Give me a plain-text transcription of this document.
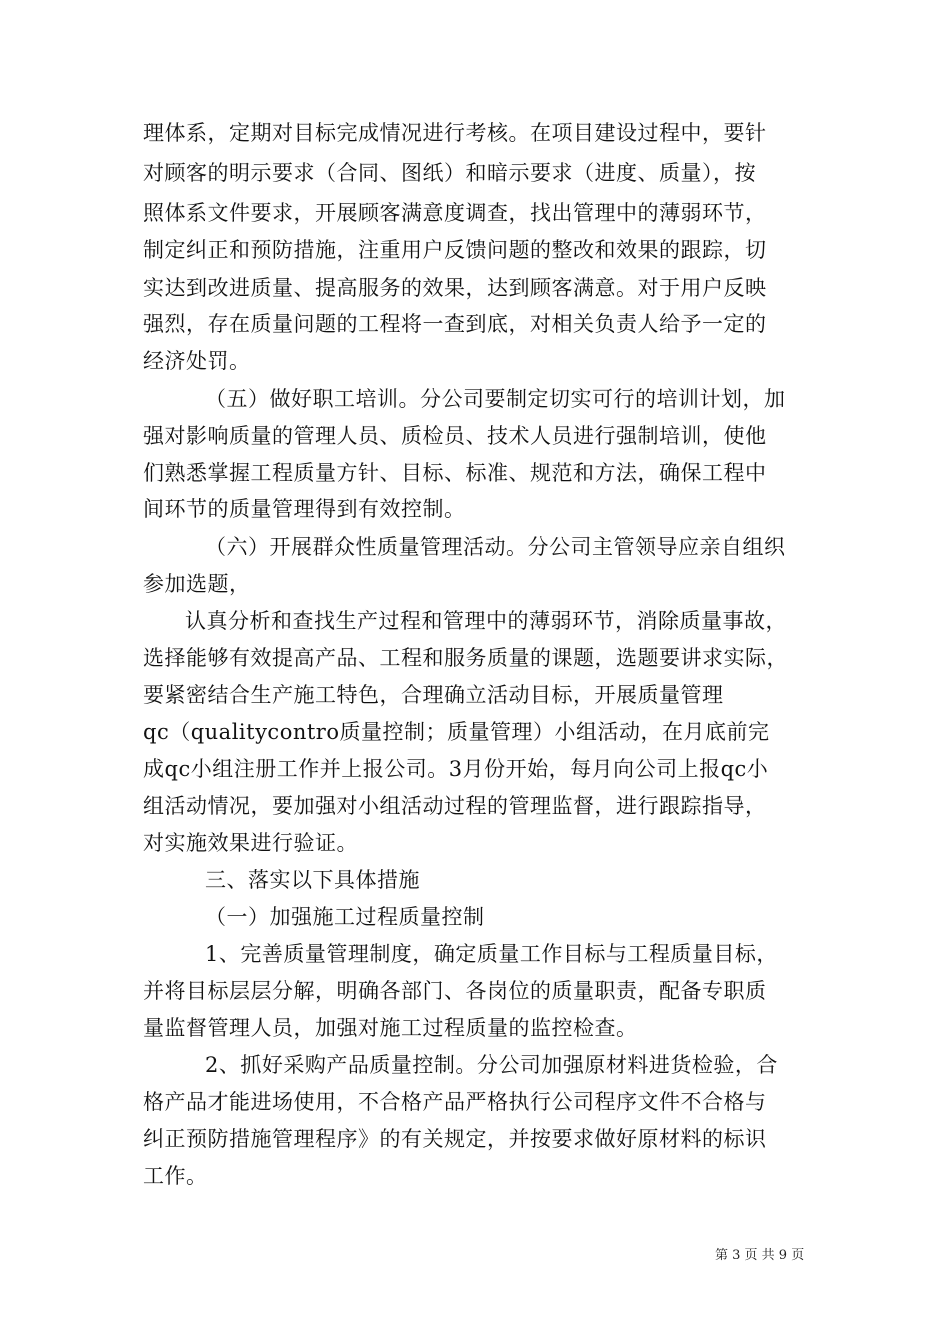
理体系，定期对目标完成情况进行考核。在项目建设过程中，要针
对顾客的明示要求（合同、图纸）和暗示要求（进度、质量），按
照体系文件要求，开展顾客满意度调查，找出管理中的薄弱环节，
制定纠正和预防措施，注重用户反馈问题的整改和效果的跟踪，切
实达到改进质量、提高服务的效果，达到顾客满意。对于用户反映
强烈，存在质量问题的工程将一查到底，对相关负责人给予一定的
经济处罚。
（五）做好职工培训。分公司要制定切实可行的培训计划，加
强对影响质量的管理人员、质检员、技术人员进行强制培训，使他
们熟悉掌握工程质量方针、目标、标准、规范和方法，确保工程中
间环节的质量管理得到有效控制。
（六）开展群众性质量管理活动。分公司主管领导应亲自组织
参加选题，
认真分析和查找生产过程和管理中的薄弱环节，消除质量事故，
选择能够有效提高产品、工程和服务质量的课题，选题要讲求实际，
要紧密结合生产施工特色，合理确立活动目标，开展质量管理
qc（qualitycontro质量控制；质量管理）小组活动，在月底前完
成qc小组注册工作并上报公司。3月份开始，每月向公司上报qc小
组活动情况，要加强对小组活动过程的管理监督，进行跟踪指导，
对实施效果进行验证。
三、落实以下具体措施
（一）加强施工过程质量控制
1、完善质量管理制度，确定质量工作目标与工程质量目标，
并将目标层层分解，明确各部门、各岗位的质量职责，配备专职质
量监督管理人员，加强对施工过程质量的监控检查。
2、抓好采购产品质量控制。分公司加强原材料进货检验，合
格产品才能进场使用，不合格产品严格执行公司程序文件不合格与
纠正预防措施管理程序》的有关规定，并按要求做好原材料的标识
工作。
第 3 页 共 9 页
